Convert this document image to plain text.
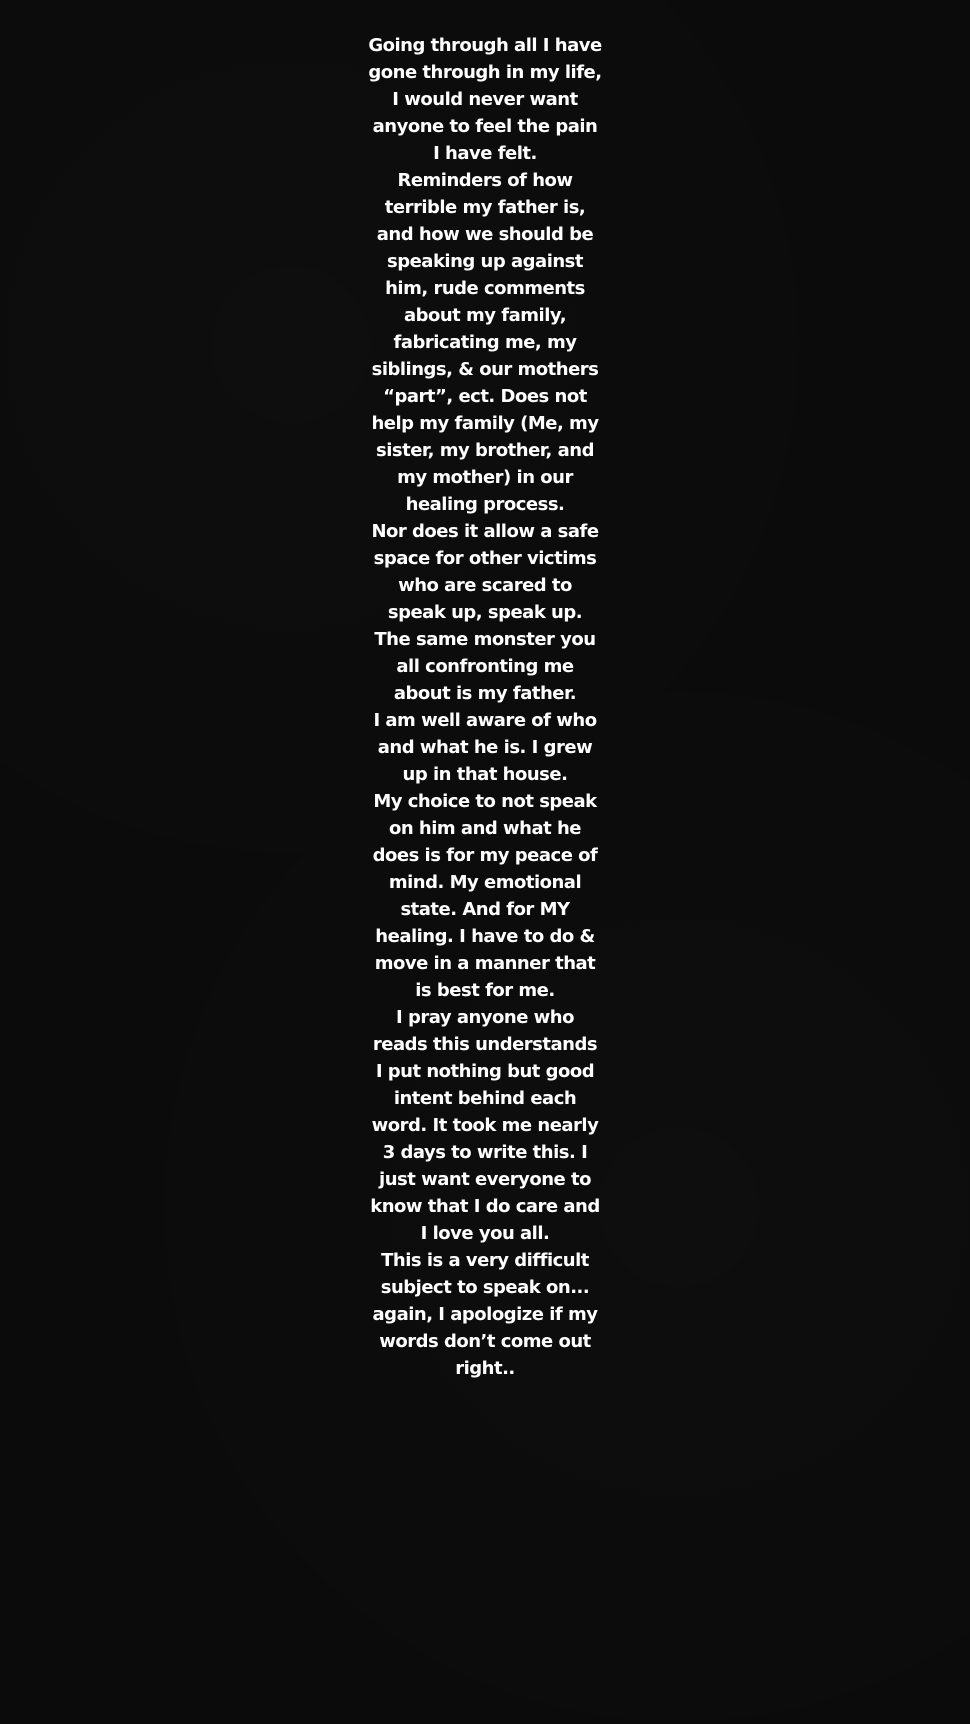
Going through all I have
gone through in my life,
I would never want
anyone to feel the pain
I have felt.
Reminders of how
terrible my father is,
and how we should be
speaking up against
him, rude comments
about my family,
fabricating me, my
siblings, & our mothers
“part”, ect. Does not
help my family (Me, my
sister, my brother, and
my mother) in our
healing process.
Nor does it allow a safe
space for other victims
who are scared to
speak up, speak up.
The same monster you
all confronting me
about is my father.
I am well aware of who
and what he is. I grew
up in that house.
My choice to not speak
on him and what he
does is for my peace of
mind. My emotional
state. And for MY
healing. I have to do &
move in a manner that
is best for me.
I pray anyone who
reads this understands
I put nothing but good
intent behind each
word. It took me nearly
3 days to write this. I
just want everyone to
know that I do care and
I love you all.
This is a very difficult
subject to speak on...
again, I apologize if my
words don’t come out
right..
